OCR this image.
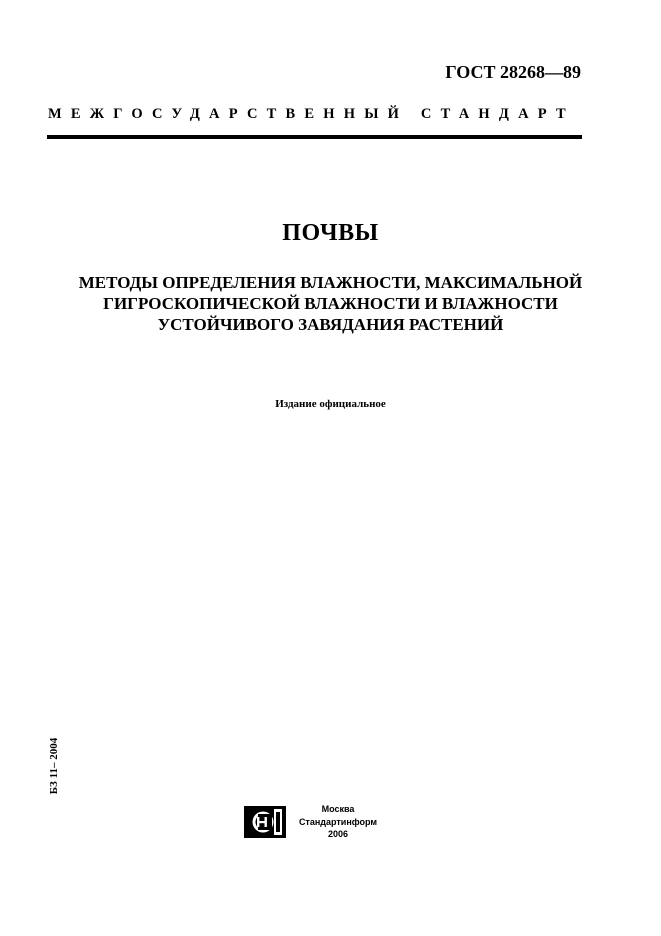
ГОСТ 28268—89
МЕЖГОСУДАРСТВЕННЫЙ СТАНДАРТ
ПОЧВЫ
МЕТОДЫ ОПРЕДЕЛЕНИЯ ВЛАЖНОСТИ, МАКСИМАЛЬНОЙ
ГИГРОСКОПИЧЕСКОЙ ВЛАЖНОСТИ И ВЛАЖНОСТИ
УСТОЙЧИВОГО ЗАВЯДАНИЯ РАСТЕНИЙ
Издание официальное
БЗ 11– 2004
Москва
Стандартинформ
2006
